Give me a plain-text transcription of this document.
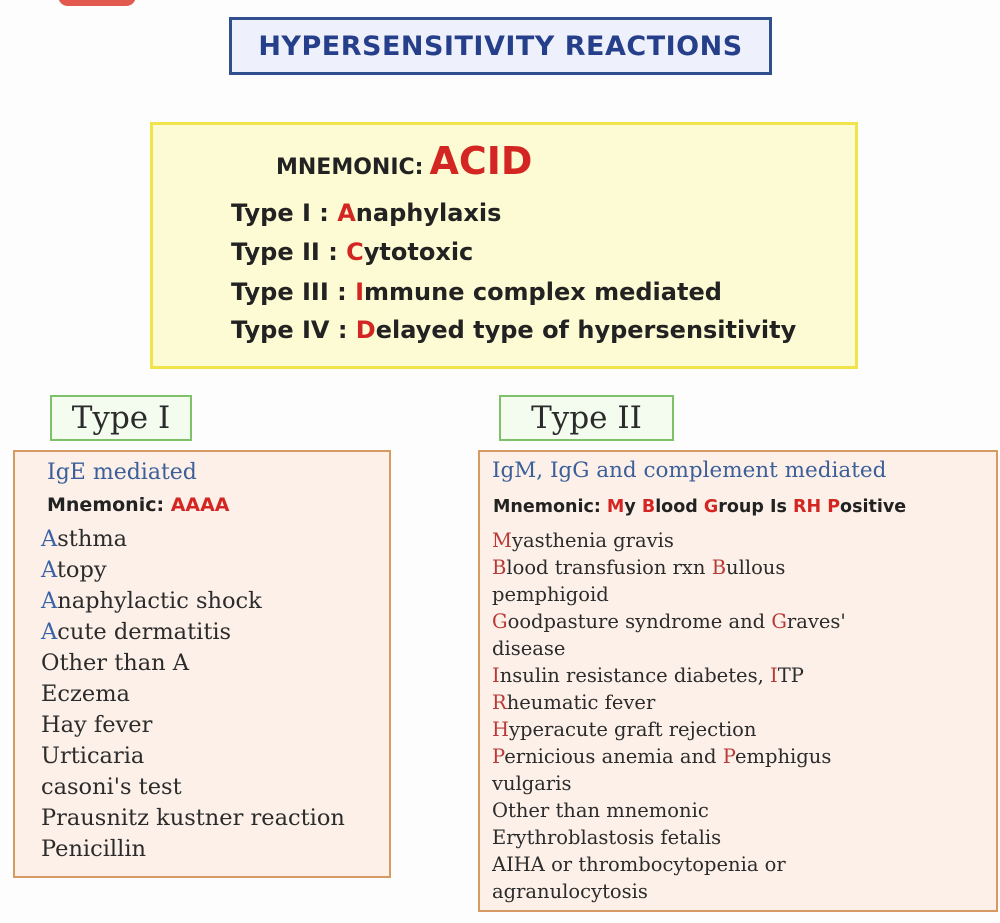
HYPERSENSITIVITY REACTIONS
MNEMONIC: ACID
Type I : Anaphylaxis
Type II : Cytotoxic
Type III : Immune complex mediated
Type IV : Delayed type of hypersensitivity
Type I	Type II
IgE mediated
Mnemonic: AAAA
Asthma
Atopy
Anaphylactic shock
Acute dermatitis
Other than A
Eczema
Hay fever
Urticaria
casoni's test
Prausnitz kustner reaction
Penicillin
IgM, IgG and complement mediated
Mnemonic: My Blood Group Is RH Positive
Myasthenia gravis
Blood transfusion rxn Bullous
pemphigoid
Goodpasture syndrome and Graves'
disease
Insulin resistance diabetes, ITP
Rheumatic fever
Hyperacute graft rejection
Pernicious anemia and Pemphigus
vulgaris
Other than mnemonic
Erythroblastosis fetalis
AIHA or thrombocytopenia or
agranulocytosis
